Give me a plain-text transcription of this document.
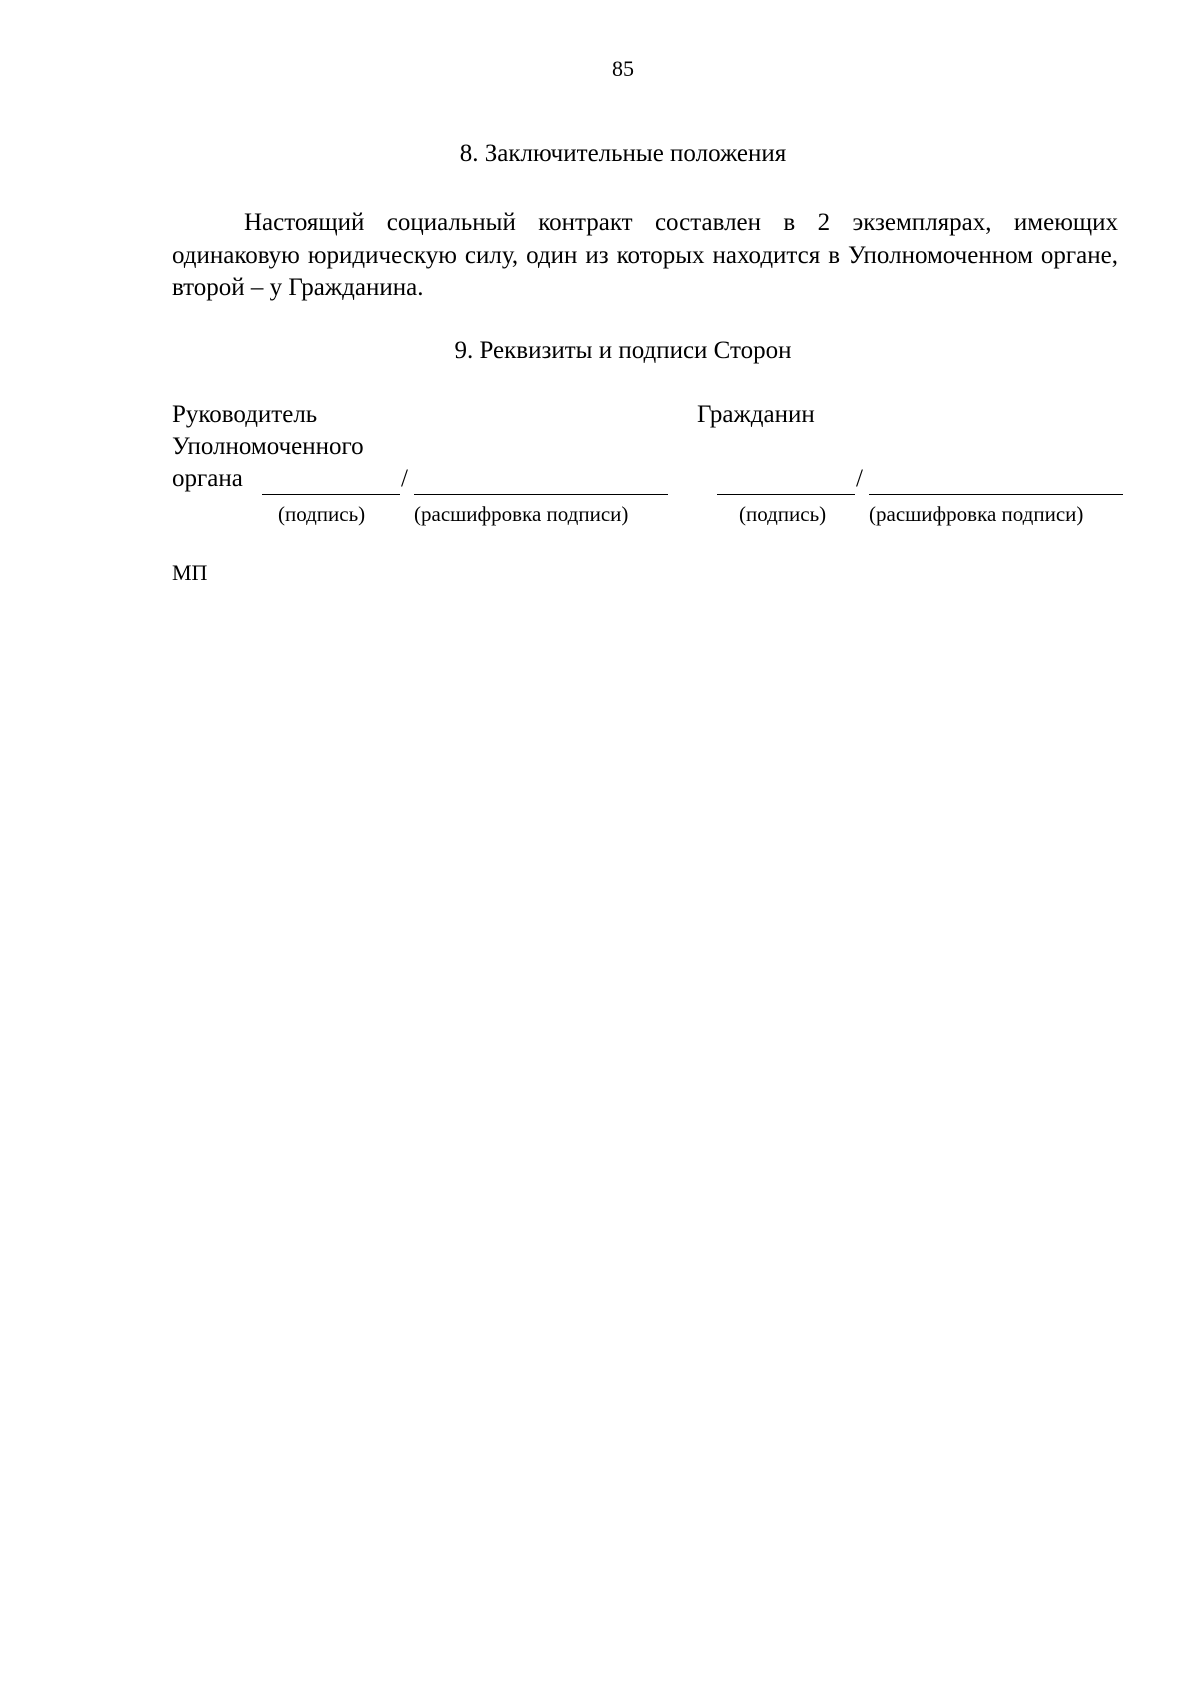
85
8. Заключительные положения
Настоящий социальный контракт составлен в 2 экземплярах, имеющих одинаковую юридическую силу, один из которых находится в Уполномоченном органе, второй – у Гражданина.
9. Реквизиты и подписи Сторон
Руководитель
Уполномоченного
органа	/
(подпись) (расшифровка подписи)
Гражданин
/
(подпись) (расшифровка подписи)
МП
